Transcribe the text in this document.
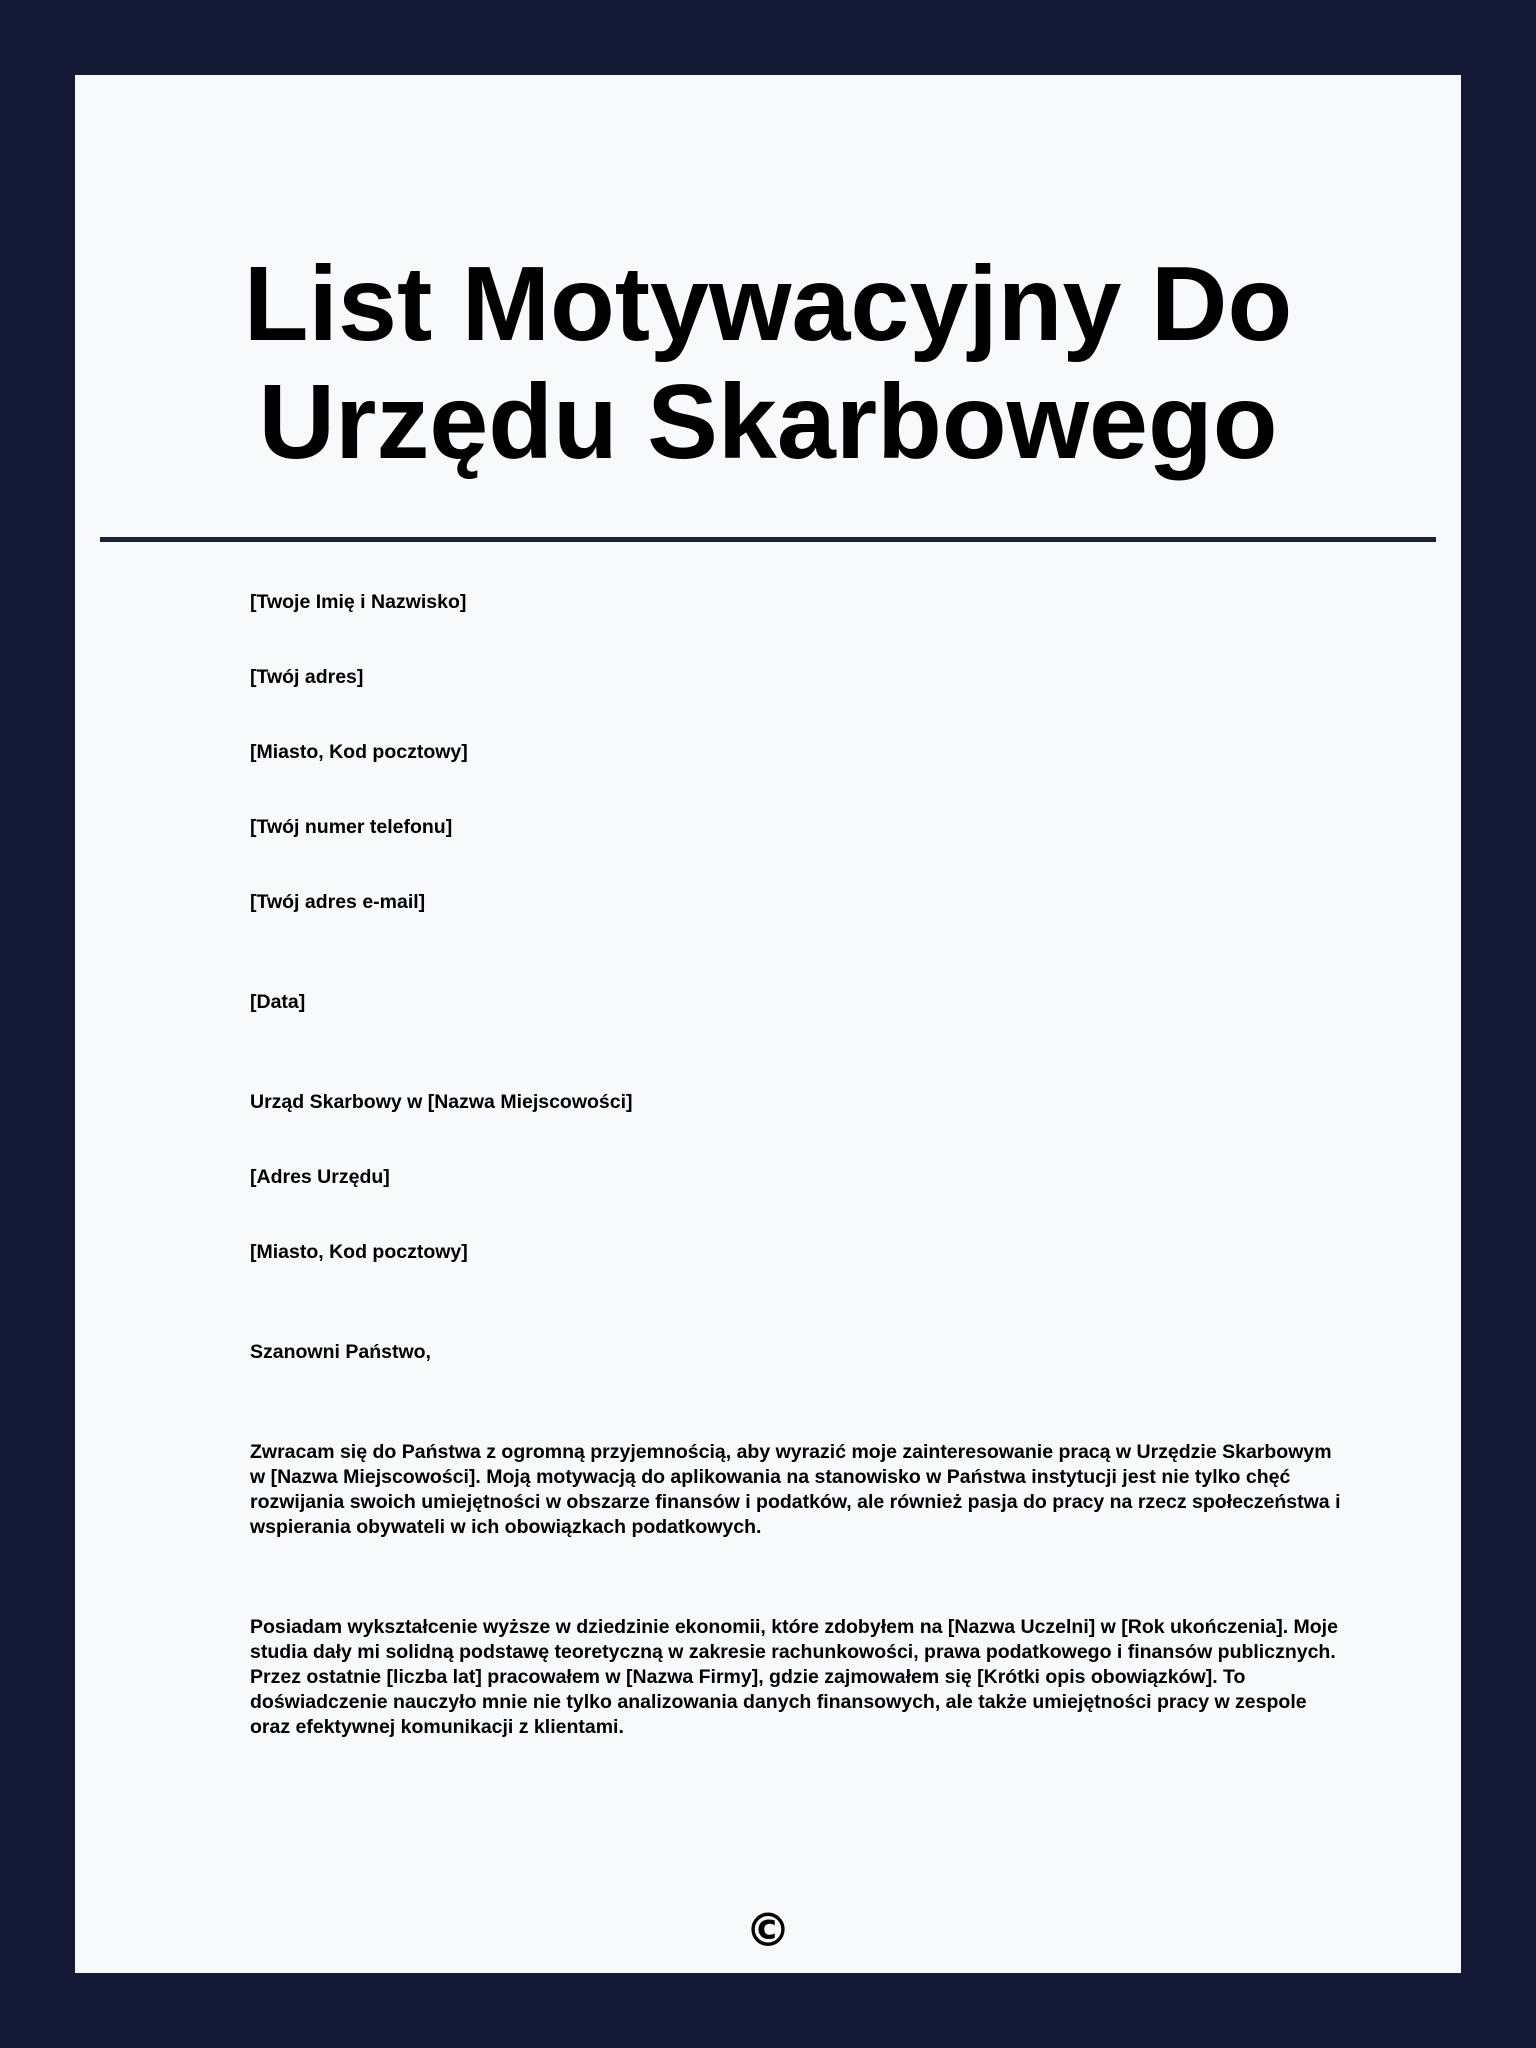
List Motywacyjny Do Urzędu Skarbowego

[Twoje Imię i Nazwisko]

[Twój adres]

[Miasto, Kod pocztowy]

[Twój numer telefonu]

[Twój adres e-mail]

[Data]

Urząd Skarbowy w [Nazwa Miejscowości]

[Adres Urzędu]

[Miasto, Kod pocztowy]

Szanowni Państwo,

Zwracam się do Państwa z ogromną przyjemnością, aby wyrazić moje zainteresowanie pracą w Urzędzie Skarbowym w [Nazwa Miejscowości]. Moją motywacją do aplikowania na stanowisko w Państwa instytucji jest nie tylko chęć rozwijania swoich umiejętności w obszarze finansów i podatków, ale również pasja do pracy na rzecz społeczeństwa i wspierania obywateli w ich obowiązkach podatkowych.

Posiadam wykształcenie wyższe w dziedzinie ekonomii, które zdobyłem na [Nazwa Uczelni] w [Rok ukończenia]. Moje studia dały mi solidną podstawę teoretyczną w zakresie rachunkowości, prawa podatkowego i finansów publicznych. Przez ostatnie [liczba lat] pracowałem w [Nazwa Firmy], gdzie zajmowałem się [Krótki opis obowiązków]. To doświadczenie nauczyło mnie nie tylko analizowania danych finansowych, ale także umiejętności pracy w zespole oraz efektywnej komunikacji z klientami.

©
